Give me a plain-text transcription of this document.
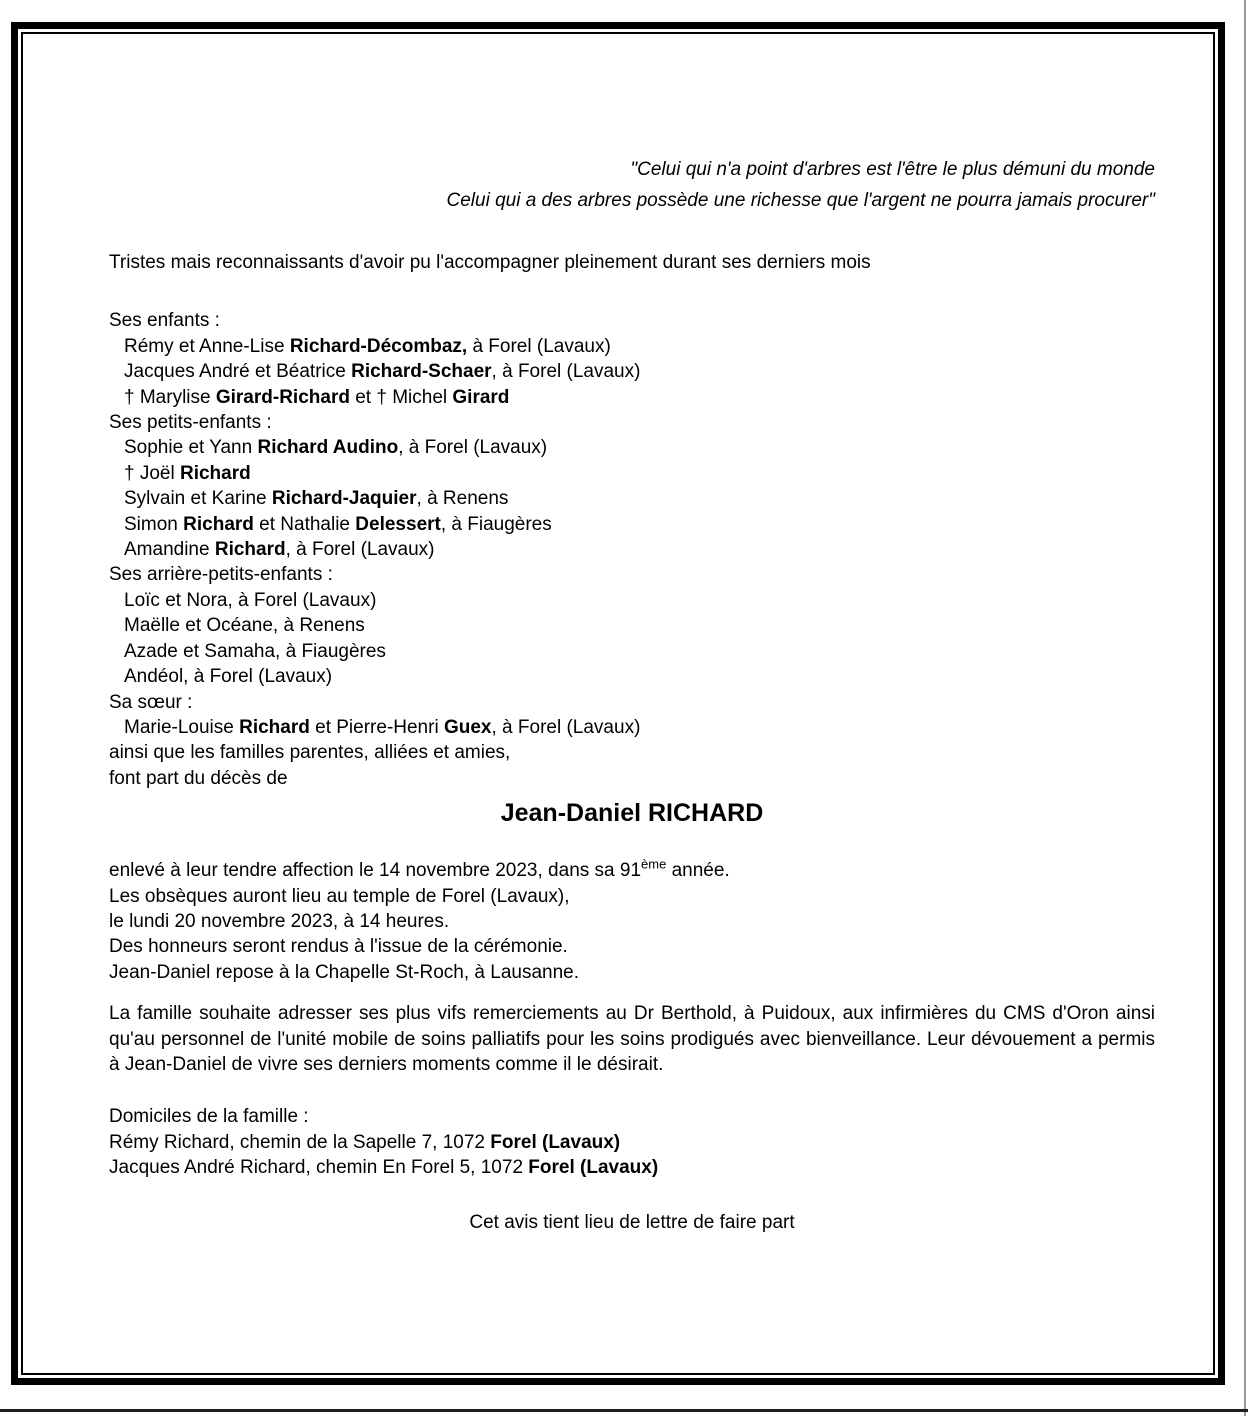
"Celui qui n'a point d'arbres est l'être le plus démuni du monde
Celui qui a des arbres possède une richesse que l'argent ne pourra jamais procurer"

Tristes mais reconnaissants d'avoir pu l'accompagner pleinement durant ses derniers mois

Ses enfants :
Rémy et Anne-Lise Richard-Décombaz, à Forel (Lavaux)
Jacques André et Béatrice Richard-Schaer, à Forel (Lavaux)
† Marylise Girard-Richard et † Michel Girard
Ses petits-enfants :
Sophie et Yann Richard Audino, à Forel (Lavaux)
† Joël Richard
Sylvain et Karine Richard-Jaquier, à Renens
Simon Richard et Nathalie Delessert, à Fiaugères
Amandine Richard, à Forel (Lavaux)
Ses arrière-petits-enfants :
Loïc et Nora, à Forel (Lavaux)
Maëlle et Océane, à Renens
Azade et Samaha, à Fiaugères
Andéol, à Forel (Lavaux)
Sa sœur :
Marie-Louise Richard et Pierre-Henri Guex, à Forel (Lavaux)
ainsi que les familles parentes, alliées et amies,
font part du décès de
Jean-Daniel RICHARD
enlevé à leur tendre affection le 14 novembre 2023, dans sa 91ème année.
Les obsèques auront lieu au temple de Forel (Lavaux),
le lundi 20 novembre 2023, à 14 heures.
Des honneurs seront rendus à l'issue de la cérémonie.
Jean-Daniel repose à la Chapelle St-Roch, à Lausanne.

La famille souhaite adresser ses plus vifs remerciements au Dr Berthold, à Puidoux, aux infirmières du CMS d'Oron ainsi qu'au personnel de l'unité mobile de soins palliatifs pour les soins prodigués avec bienveillance. Leur dévouement a permis à Jean-Daniel de vivre ses derniers moments comme il le désirait.

Domiciles de la famille :
Rémy Richard, chemin de la Sapelle 7, 1072 Forel (Lavaux)
Jacques André Richard, chemin En Forel 5, 1072 Forel (Lavaux)

Cet avis tient lieu de lettre de faire part
